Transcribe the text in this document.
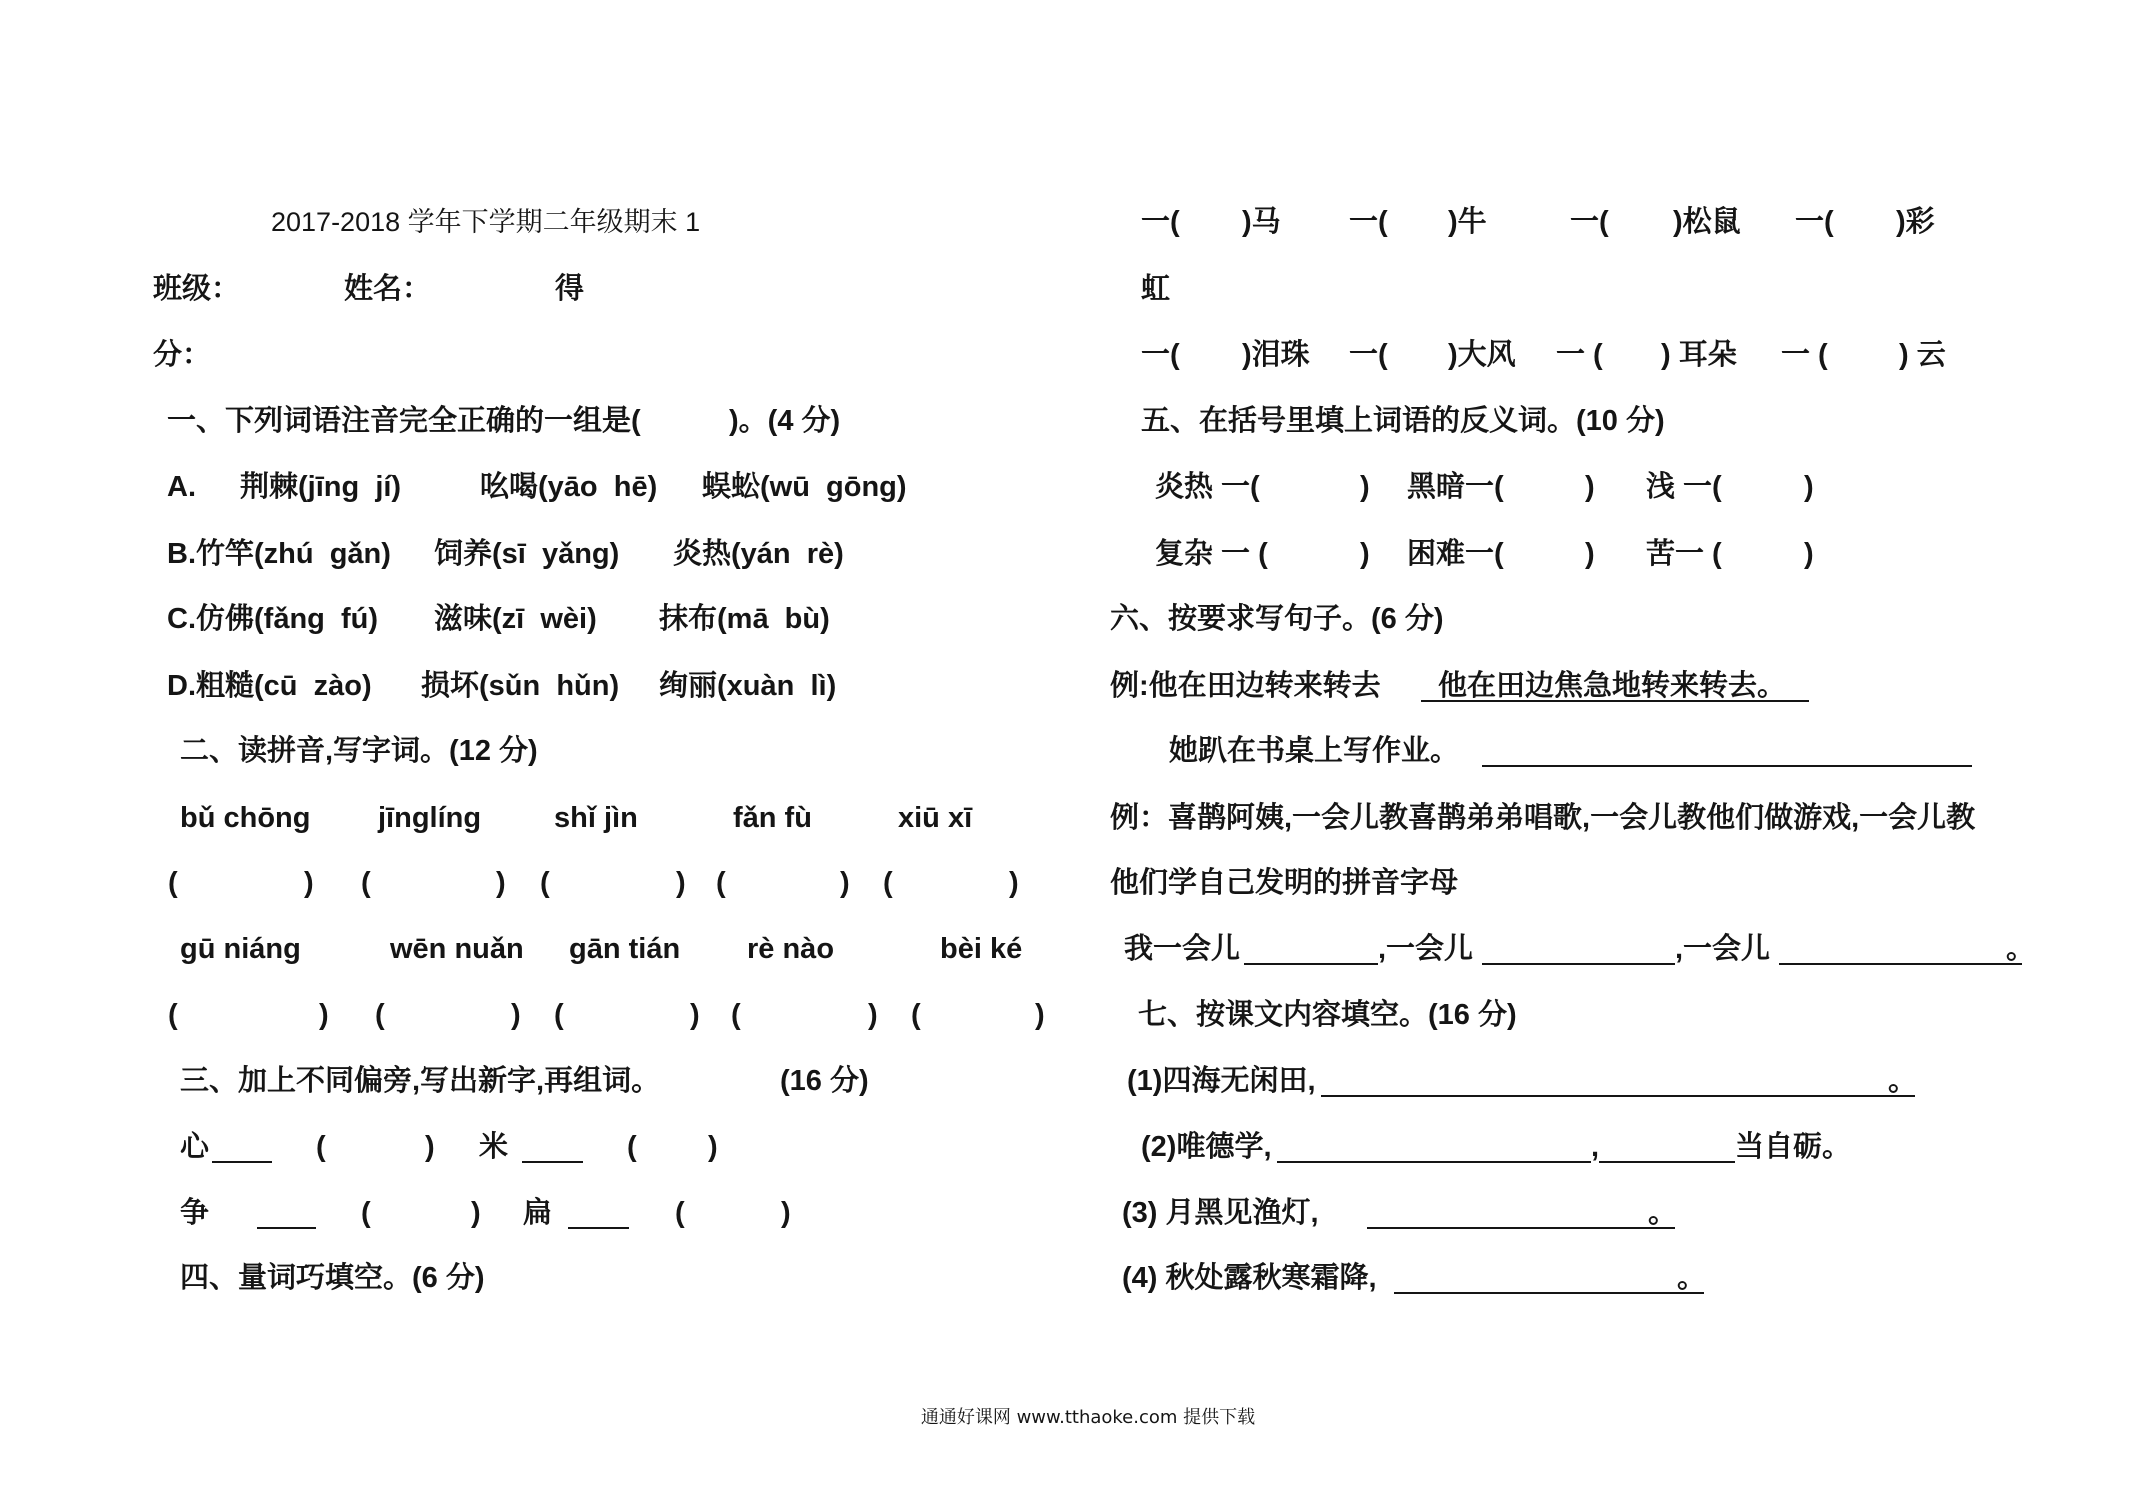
2017-2018 学年下学期二年级期末 1	一( )马 一( )牛	一( )松鼠 一( )彩
班级：	姓名：	得	虹
分：	一( )泪珠 一( )大风 一 ( ) 耳朵 一 ( ) 云
一、下列词语注音完全正确的一组是(	)。(4 分)	五、在括号里填上词语的反义词。(10 分)
A. 荆棘(jīng  jí)	吆喝(yāo  hē) 蜈蚣(wū  gōng)	炎热 一(	) 黑暗一(	) 浅 一(	)
B.竹竿(zhú  gǎn) 饲养(sī  yǎng) 炎热(yán  rè)	复杂 一 (	) 困难一(	) 苦一 (	)
C.仿佛(fǎng  fú) 滋味(zī  wèi) 抹布(mā  bù)	六、按要求写句子。(6 分)
D.粗糙(cū  zào) 损坏(sǔn  hǔn) 绚丽(xuàn  lì)	例:他在田边转来转去 他在田边焦急地转来转去。
二、读拼音,写字词。(12 分)	她趴在书桌上写作业。
bǔ chōng jīnglíng	shǐ jìn	fǎn fù	xiū xī	例：喜鹊阿姨,一会儿教喜鹊弟弟唱歌,一会儿教他们做游戏,一会儿教
(	) (	) (	) (	) (	)	他们学自己发明的拼音字母
gū niáng	wēn nuǎn gān tián rè nào	bèi ké	我一会儿	,一会儿	,一会儿	。
(	) (	) (	) (	) (	)	七、按课文内容填空。(16 分)
三、加上不同偏旁,写出新字,再组词。	(16 分)	(1)四海无闲田,	。
心	(	) 米	( )	(2)唯德学,	,	当自砺。
争	(	) 扁	(	)	(3) 月黑见渔灯,	。
四、量词巧填空。(6 分)	(4) 秋处露秋寒霜降,	。
通通好课网 www.tthaoke.com 提供下载
